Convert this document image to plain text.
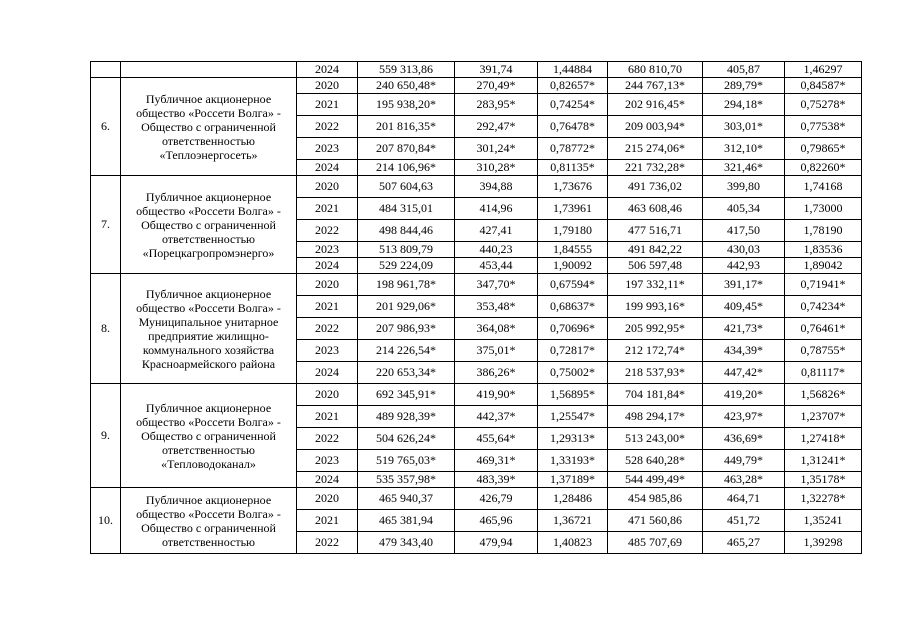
		2024	559 313,86	391,74	1,44884	680 810,70	405,87	1,46297
6.	Публичное акционерное общество «Россети Волга» - Общество с ограниченной ответственностью «Теплоэнергосеть»	2020	240 650,48*	270,49*	0,82657*	244 767,13*	289,79*	0,84587*
		2021	195 938,20*	283,95*	0,74254*	202 916,45*	294,18*	0,75278*
		2022	201 816,35*	292,47*	0,76478*	209 003,94*	303,01*	0,77538*
		2023	207 870,84*	301,24*	0,78772*	215 274,06*	312,10*	0,79865*
		2024	214 106,96*	310,28*	0,81135*	221 732,28*	321,46*	0,82260*
7.	Публичное акционерное общество «Россети Волга» - Общество с ограниченной ответственностью «Порецкагропромэнерго»	2020	507 604,63	394,88	1,73676	491 736,02	399,80	1,74168
		2021	484 315,01	414,96	1,73961	463 608,46	405,34	1,73000
		2022	498 844,46	427,41	1,79180	477 516,71	417,50	1,78190
		2023	513 809,79	440,23	1,84555	491 842,22	430,03	1,83536
		2024	529 224,09	453,44	1,90092	506 597,48	442,93	1,89042
8.	Публичное акционерное общество «Россети Волга» - Муниципальное унитарное предприятие жилищно-коммунального хозяйства Красноармейского района	2020	198 961,78*	347,70*	0,67594*	197 332,11*	391,17*	0,71941*
		2021	201 929,06*	353,48*	0,68637*	199 993,16*	409,45*	0,74234*
		2022	207 986,93*	364,08*	0,70696*	205 992,95*	421,73*	0,76461*
		2023	214 226,54*	375,01*	0,72817*	212 172,74*	434,39*	0,78755*
		2024	220 653,34*	386,26*	0,75002*	218 537,93*	447,42*	0,81117*
9.	Публичное акционерное общество «Россети Волга» - Общество с ограниченной ответственностью «Тепловодоканал»	2020	692 345,91*	419,90*	1,56895*	704 181,84*	419,20*	1,56826*
		2021	489 928,39*	442,37*	1,25547*	498 294,17*	423,97*	1,23707*
		2022	504 626,24*	455,64*	1,29313*	513 243,00*	436,69*	1,27418*
		2023	519 765,03*	469,31*	1,33193*	528 640,28*	449,79*	1,31241*
		2024	535 357,98*	483,39*	1,37189*	544 499,49*	463,28*	1,35178*
10.	Публичное акционерное общество «Россети Волга» - Общество с ограниченной ответственностью	2020	465 940,37	426,79	1,28486	454 985,86	464,71	1,32278*
		2021	465 381,94	465,96	1,36721	471 560,86	451,72	1,35241
		2022	479 343,40	479,94	1,40823	485 707,69	465,27	1,39298
